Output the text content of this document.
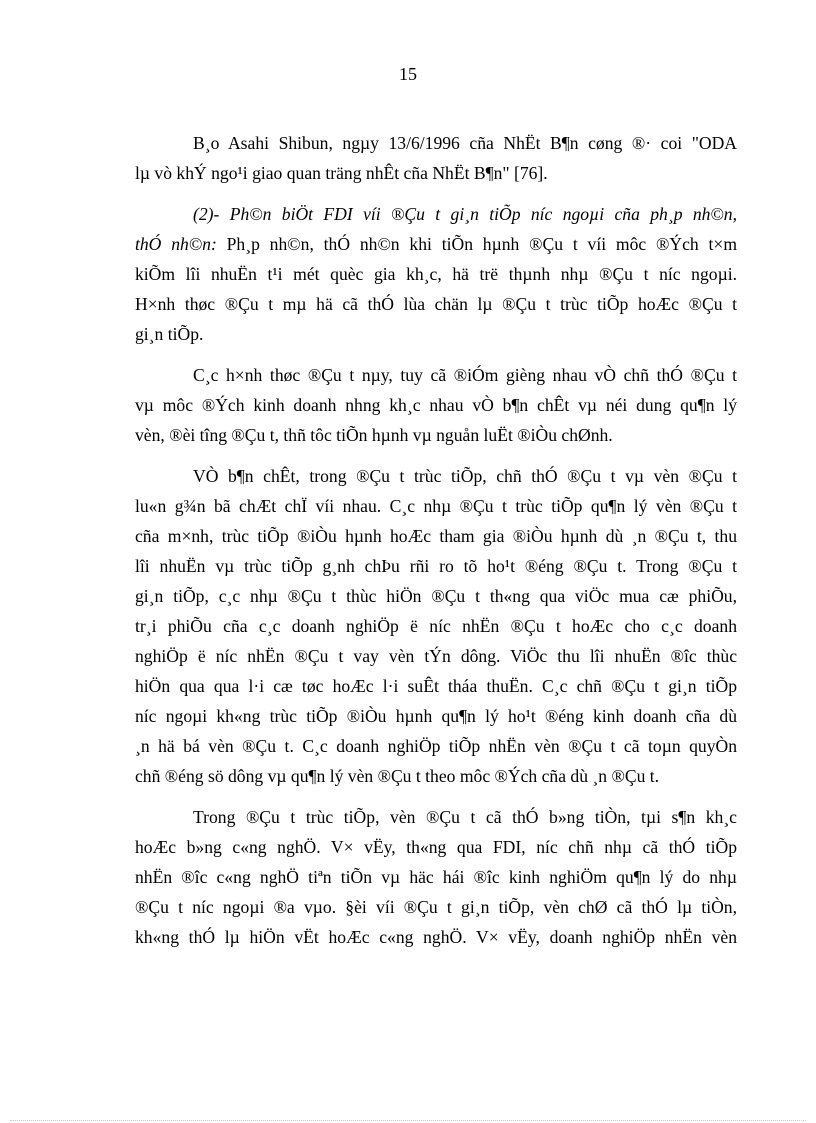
15

B¸o Asahi Shibun, ngµy 13/6/1996 cña NhËt B¶n cøng ®· coi "ODA
lµ vò khÝ ngo¹i giao quan träng nhÊt cña NhËt B¶n" [76].

(2)- Ph©n biÖt FDI víi ®Çu t gi¸n tiÕp níc ngoµi cña ph¸p nh©n,
thÓ nh©n: Ph¸p nh©n, thÓ nh©n khi tiÕn hµnh ®Çu t víi môc ®Ých t×m
kiÕm lîi nhuËn t¹i mét quèc gia kh¸c, hä trë thµnh nhµ ®Çu t níc ngoµi.
H×nh thøc ®Çu t mµ hä cã thÓ lùa chän lµ ®Çu t trùc tiÕp hoÆc ®Çu t
gi¸n tiÕp.

C¸c h×nh thøc ®Çu t nµy, tuy cã ®iÓm gièng nhau vÒ chñ thÓ ®Çu t
vµ môc ®Ých kinh doanh nhng kh¸c nhau vÒ b¶n chÊt vµ néi dung qu¶n lý
vèn, ®èi tîng ®Çu t, thñ tôc tiÕn hµnh vµ nguån luËt ®iÒu chØnh.

VÒ b¶n chÊt, trong ®Çu t trùc tiÕp, chñ thÓ ®Çu t vµ vèn ®Çu t
lu«n g¾n bã chÆt chÏ víi nhau. C¸c nhµ ®Çu t trùc tiÕp qu¶n lý vèn ®Çu t
cña m×nh, trùc tiÕp ®iÒu hµnh hoÆc tham gia ®iÒu hµnh dù ¸n ®Çu t, thu
lîi nhuËn vµ trùc tiÕp g¸nh chÞu rñi ro tõ ho¹t ®éng ®Çu t. Trong ®Çu t
gi¸n tiÕp, c¸c nhµ ®Çu t thùc hiÖn ®Çu t th«ng qua viÖc mua cæ phiÕu,
tr¸i phiÕu cña c¸c doanh nghiÖp ë níc nhËn ®Çu t hoÆc cho c¸c doanh
nghiÖp ë níc nhËn ®Çu t vay vèn tÝn dông. ViÖc thu lîi nhuËn ®îc thùc
hiÖn qua qua l·i cæ tøc hoÆc l·i suÊt tháa thuËn. C¸c chñ ®Çu t gi¸n tiÕp
níc ngoµi kh«ng trùc tiÕp ®iÒu hµnh qu¶n lý ho¹t ®éng kinh doanh cña dù
¸n hä bá vèn ®Çu t. C¸c doanh nghiÖp tiÕp nhËn vèn ®Çu t cã toµn quyÒn
chñ ®éng sö dông vµ qu¶n lý vèn ®Çu t theo môc ®Ých cña dù ¸n ®Çu t.

Trong ®Çu t trùc tiÕp, vèn ®Çu t cã thÓ b»ng tiÒn, tµi s¶n kh¸c
hoÆc b»ng c«ng nghÖ. V× vËy, th«ng qua FDI, níc chñ nhµ cã thÓ tiÕp
nhËn ®îc c«ng nghÖ tiªn tiÕn vµ häc hái ®îc kinh nghiÖm qu¶n lý do nhµ
®Çu t níc ngoµi ®a vµo. §èi víi ®Çu t gi¸n tiÕp, vèn chØ cã thÓ lµ tiÒn,
kh«ng thÓ lµ hiÖn vËt hoÆc c«ng nghÖ. V× vËy, doanh nghiÖp nhËn vèn
